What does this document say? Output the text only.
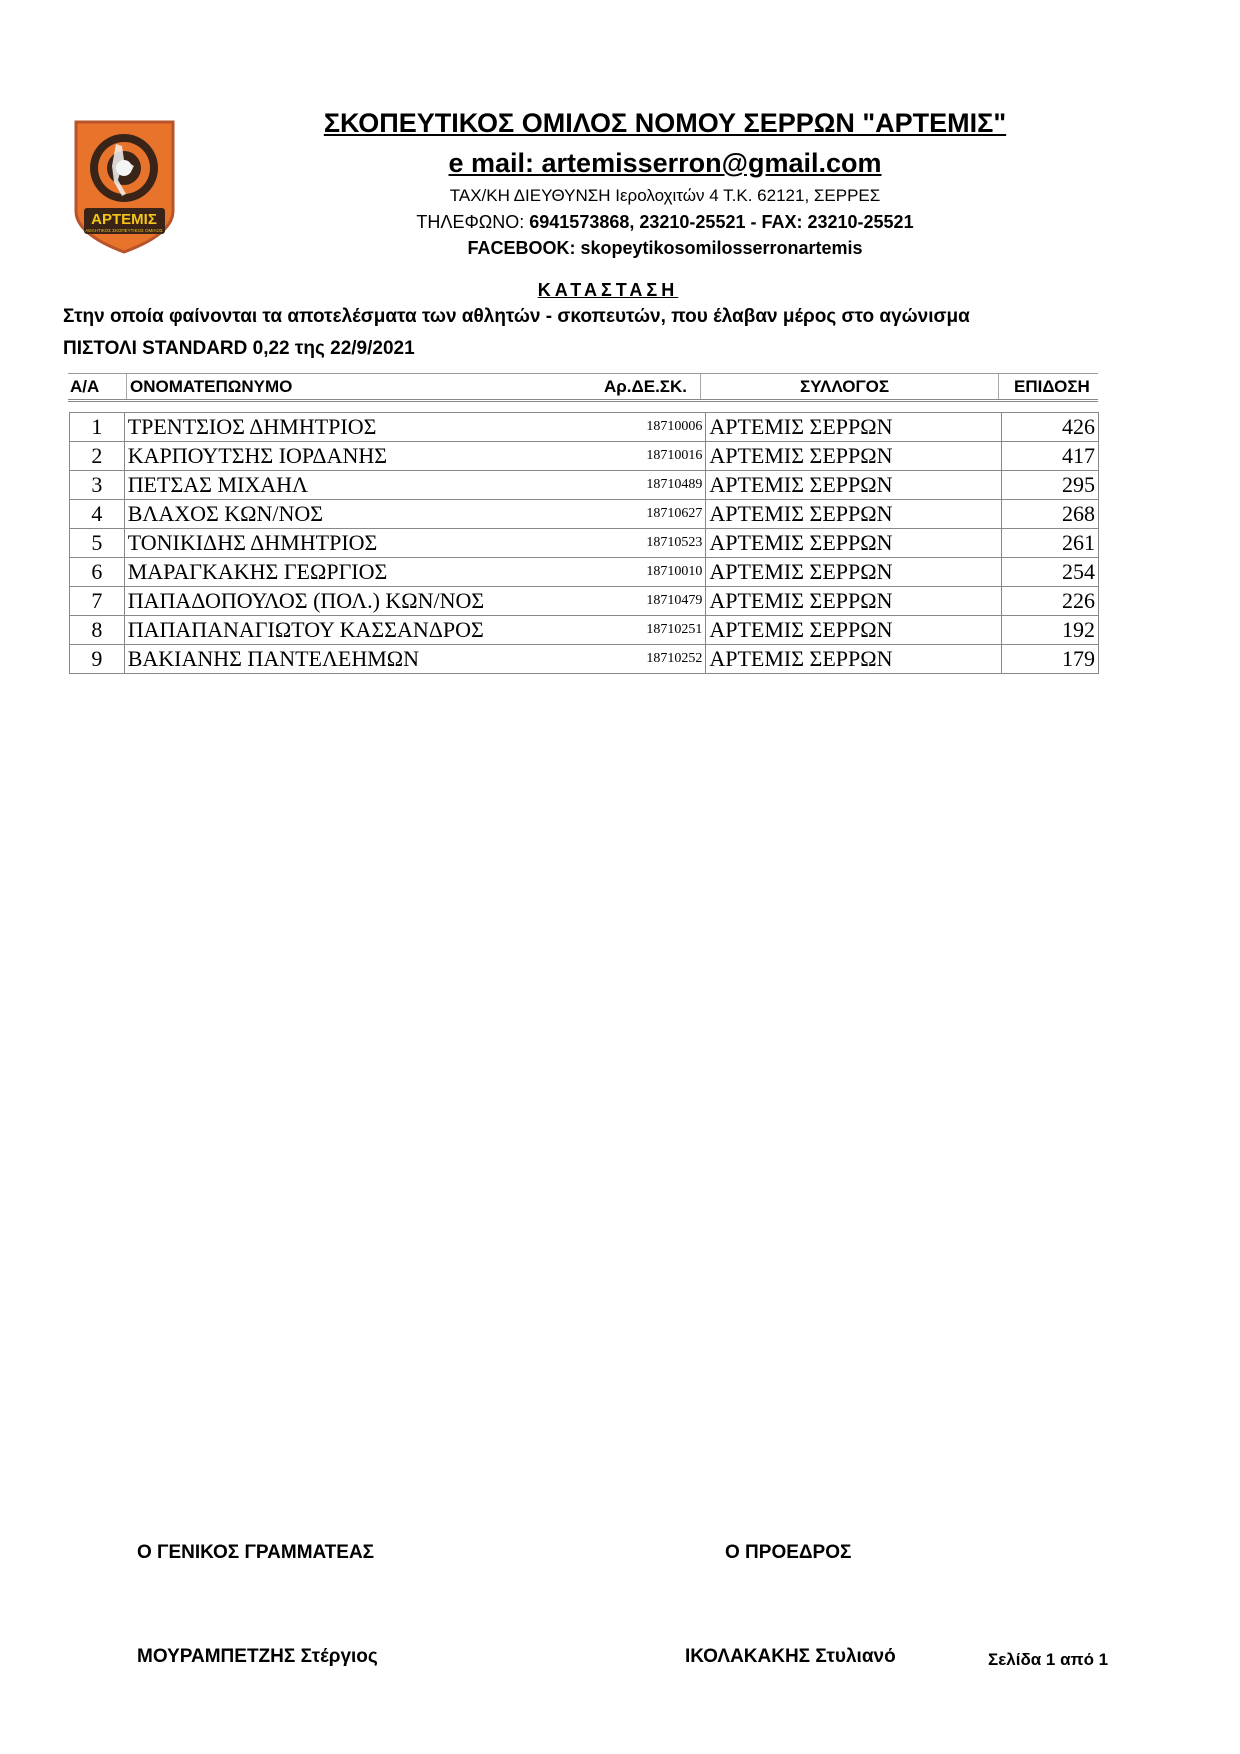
ΑΡΤΕΜΙΣ
ΑΘΛΗΤΙΚΟΣ ΣΚΟΠΕΥΤΙΚΟΣ ΟΜΙΛΟΣ
ΣΚΟΠΕΥΤΙΚΟΣ ΟΜΙΛΟΣ ΝΟΜΟΥ ΣΕΡΡΩΝ "ΑΡΤΕΜΙΣ"
e mail: artemisserron@gmail.com
ΤΑΧ/ΚΗ ΔΙΕΥΘΥΝΣΗ Ιερολοχιτών 4 Τ.Κ. 62121, ΣΕΡΡΕΣ
ΤΗΛΕΦΩΝΟ: 6941573868, 23210-25521 - FAX: 23210-25521
FACEBOOK: skopeytikosomilosserronartemis
ΚΑΤΑΣΤΑΣΗ
Στην οποία φαίνονται τα αποτελέσματα των αθλητών - σκοπευτών, που έλαβαν μέρος στο αγώνισμα
ΠΙΣΤΟΛΙ STANDARD 0,22 της 22/9/2021
Α/Α ΟΝΟΜΑΤΕΠΩΝΥΜΟ	Αρ.ΔΕ.ΣΚ.	ΣΥΛΛΟΓΟΣ	ΕΠΙΔΟΣΗ
1	ΤΡΕΝΤΣΙΟΣ ΔΗΜΗΤΡΙΟΣ	18710006	ΑΡΤΕΜΙΣ ΣΕΡΡΩΝ	426
2	ΚΑΡΠΟΥΤΣΗΣ ΙΟΡΔΑΝΗΣ	18710016	ΑΡΤΕΜΙΣ ΣΕΡΡΩΝ	417
3	ΠΕΤΣΑΣ ΜΙΧΑΗΛ	18710489	ΑΡΤΕΜΙΣ ΣΕΡΡΩΝ	295
4	ΒΛΑΧΟΣ ΚΩΝ/ΝΟΣ	18710627	ΑΡΤΕΜΙΣ ΣΕΡΡΩΝ	268
5	ΤΟΝΙΚΙΔΗΣ ΔΗΜΗΤΡΙΟΣ	18710523	ΑΡΤΕΜΙΣ ΣΕΡΡΩΝ	261
6	ΜΑΡΑΓΚΑΚΗΣ ΓΕΩΡΓΙΟΣ	18710010	ΑΡΤΕΜΙΣ ΣΕΡΡΩΝ	254
7	ΠΑΠΑΔΟΠΟΥΛΟΣ (ΠΟΛ.) ΚΩΝ/ΝΟΣ	18710479	ΑΡΤΕΜΙΣ ΣΕΡΡΩΝ	226
8	ΠΑΠΑΠΑΝΑΓΙΩΤΟΥ ΚΑΣΣΑΝΔΡΟΣ	18710251	ΑΡΤΕΜΙΣ ΣΕΡΡΩΝ	192
9	ΒΑΚΙΑΝΗΣ ΠΑΝΤΕΛΕΗΜΩΝ	18710252	ΑΡΤΕΜΙΣ ΣΕΡΡΩΝ	179
Ο ΓΕΝΙΚΟΣ ΓΡΑΜΜΑΤΕΑΣ	Ο ΠΡΟΕΔΡΟΣ
ΜΟΥΡΑΜΠΕΤΖΗΣ Στέργιος	ΙΚΟΛΑΚΑΚΗΣ Στυλιανό	Σελίδα 1 από 1
